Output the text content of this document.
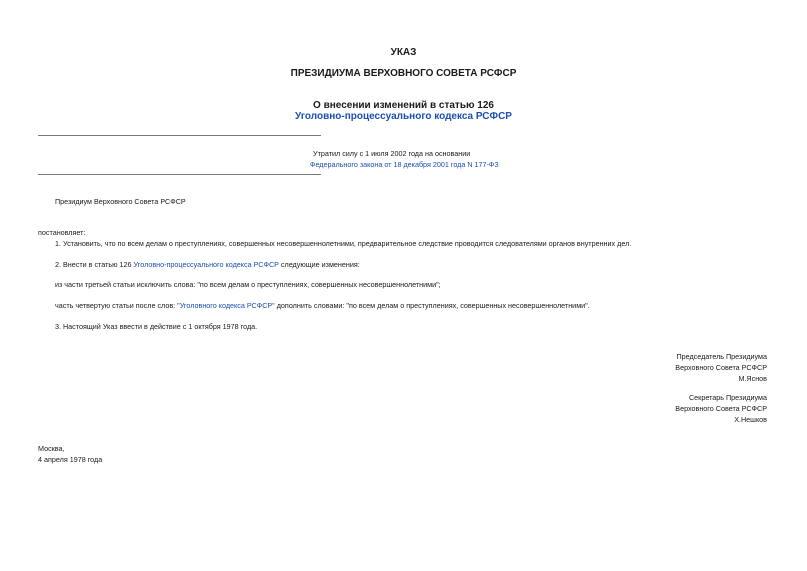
УКАЗ
ПРЕЗИДИУМА ВЕРХОВНОГО СОВЕТА РСФСР
О внесении изменений в статью 126
Уголовно-процессуального кодекса РСФСР
Утратил силу с 1 июля 2002 года на основании
Федерального закона от 18 декабря 2001 года N 177-ФЗ
Президиум Верховного Совета РСФСР
постановляет:
1. Установить, что по всем делам о преступлениях, совершенных несовершеннолетними, предварительное следствие проводится следователями органов внутренних дел.
2. Внести в статью 126 Уголовно-процессуального кодекса РСФСР следующие изменения:
из части третьей статьи исключить слова: "по всем делам о преступлениях, совершенных несовершеннолетними";
часть четвертую статьи после слов: "Уголовного кодекса РСФСР" дополнить словами: "по всем делам о преступлениях, совершенных несовершеннолетними".
3. Настоящий Указ ввести в действие с 1 октября 1978 года.
Председатель Президиума
Верховного Совета РСФСР
М.Яснов
Секретарь Президиума
Верховного Совета РСФСР
Х.Нешков
Москва,
4 апреля 1978 года
